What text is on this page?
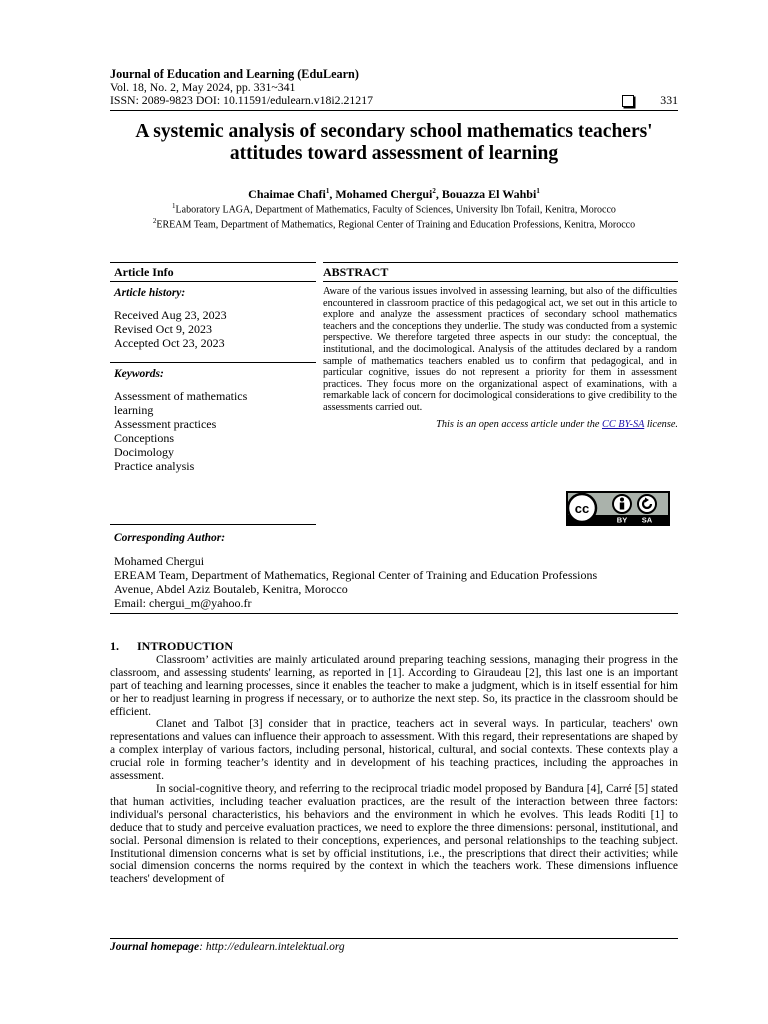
Journal of Education and Learning (EduLearn)
Vol. 18, No. 2, May 2024, pp. 331~341
ISSN: 2089-9823 DOI: 10.11591/edulearn.v18i2.21217	331
A systemic analysis of secondary school mathematics teachers'
attitudes toward assessment of learning
Chaimae Chafi$^1$, Mohamed Chergui$^2$, Bouazza El Wahbi$^1$
$^1$Laboratory LAGA, Department of Mathematics, Faculty of Sciences, University Ibn Tofail, Kenitra, Morocco
$^2$EREAM Team, Department of Mathematics, Regional Center of Training and Education Professions, Kenitra, Morocco
Article Info
Article history:
Received Aug 23, 2023
Revised Oct 9, 2023
Accepted Oct 23, 2023
Keywords:
Assessment of mathematics
learning
Assessment practices
Conceptions
Docimology
Practice analysis
ABSTRACT
Aware of the various issues involved in assessing learning, but also of the difficulties encountered in classroom practice of this pedagogical act, we set out in this article to explore and analyze the assessment practices of secondary school mathematics teachers and the conceptions they underlie. The study was conducted from a systemic perspective. We therefore targeted three aspects in our study: the conceptual, the institutional, and the docimological. Analysis of the attitudes declared by a random sample of mathematics teachers enabled us to confirm that pedagogical, and in particular cognitive, issues do not represent a priority for them in assessment practices. They focus more on the organizational aspect of examinations, with a remarkable lack of concern for docimological considerations to give credibility to the assessments carried out.
This is an open access article under the CC BY-SA license.
Corresponding Author:
Mohamed Chergui
EREAM Team, Department of Mathematics, Regional Center of Training and Education Professions
Avenue, Abdel Aziz Boutaleb, Kenitra, Morocco
Email: chergui_m@yahoo.fr

1.      INTRODUCTION

Classroom’ activities are mainly articulated around preparing teaching sessions, managing their progress in the classroom, and assessing students' learning, as reported in [1]. According to Giraudeau [2], this last one is an important part of teaching and learning processes, since it enables the teacher to make a judgment, which is in itself essential for him or her to readjust learning in progress if necessary, or to authorize the next step. So, its practice in the classroom should be efficient.

Clanet and Talbot [3] consider that in practice, teachers act in several ways. In particular, teachers' own representations and values can influence their approach to assessment. With this regard, their representations are shaped by a complex interplay of various factors, including personal, historical, cultural, and social contexts. These contexts play a crucial role in forming teacher’s identity and in development of his teaching practices, including the approaches in assessment.

In social-cognitive theory, and referring to the reciprocal triadic model proposed by Bandura [4], Carré [5] stated that human activities, including teacher evaluation practices, are the result of the interaction between three factors: individual's personal characteristics, his behaviors and the environment in which he evolves. This leads Roditi [1] to deduce that to study and perceive evaluation practices, we need to explore the three dimensions: personal, institutional, and social. Personal dimension is related to their conceptions, experiences, and personal relationships to the teaching subject. Institutional dimension concerns what is set by official institutions, i.e., the prescriptions that direct their activities; while social dimension concerns the norms required by the context in which the teachers work. These dimensions influence teachers' development of

cc
BY SA
Journal homepage: http://edulearn.intelektual.org
